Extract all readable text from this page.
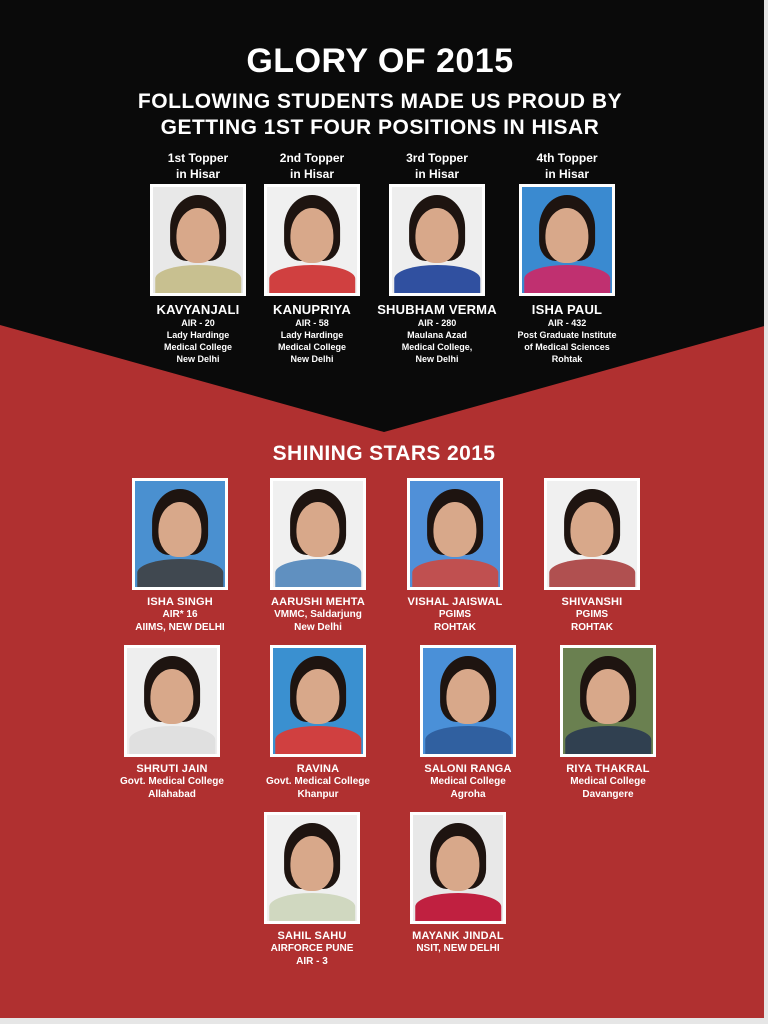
GLORY OF 2015
FOLLOWING STUDENTS MADE US PROUD BY
GETTING 1ST FOUR POSITIONS IN HISAR
1st Topper
in Hisar
KAVYANJALI
AIR - 20
Lady Hardinge
Medical College
New Delhi
2nd Topper
in Hisar
KANUPRIYA
AIR - 58
Lady Hardinge
Medical College
New Delhi
3rd Topper
in Hisar
SHUBHAM VERMA
AIR - 280
Maulana Azad
Medical College,
New Delhi
4th Topper
in Hisar
ISHA PAUL
AIR - 432
Post Graduate Institute
of Medical Sciences
Rohtak
SHINING STARS 2015
ISHA SINGH
AIR* 16
AIIMS, NEW DELHI
AARUSHI MEHTA
VMMC, Saldarjung
New Delhi
VISHAL JAISWAL
PGIMS
ROHTAK
SHIVANSHI
PGIMS
ROHTAK
SHRUTI JAIN
Govt. Medical College
Allahabad
RAVINA
Govt. Medical College
Khanpur
SALONI RANGA
Medical College
Agroha
RIYA THAKRAL
Medical College
Davangere
SAHIL SAHU
AIRFORCE PUNE
AIR - 3
MAYANK JINDAL
NSIT, NEW DELHI
